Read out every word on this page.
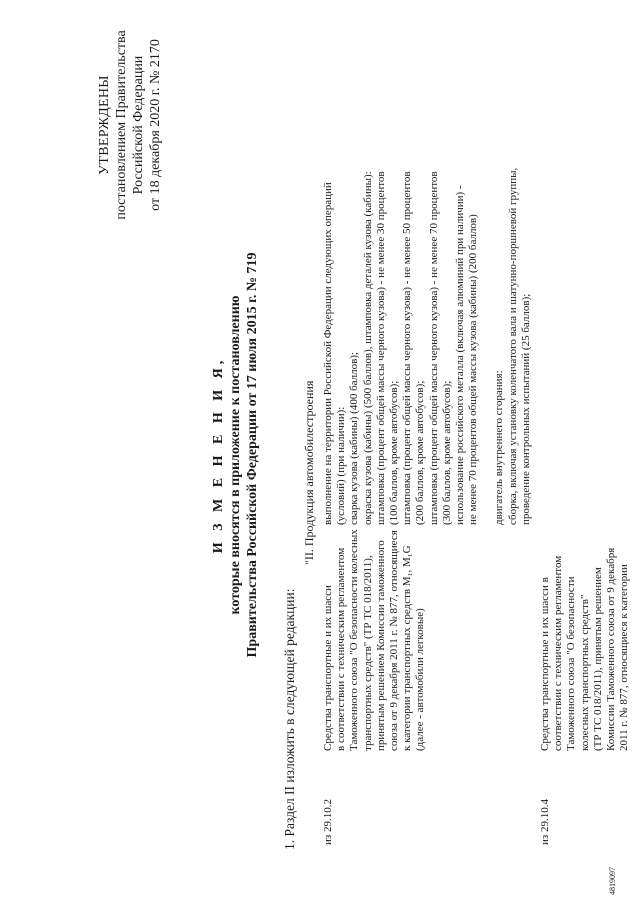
УТВЕРЖДЕНЫ постановлением Правительства Российской Федерации от 18 декабря 2020 г. № 2170
И З М Е Н Е Н И Я, которые вносятся в приложение к постановлению Правительства Российской Федерации от 17 июля 2015 г. № 719
1. Раздел II изложить в следующей редакции:
"II. Продукция автомобилестроения
из 29.10.2
Средства транспортные и их шасси в соответствии с техническим регламентом Таможенного союза "О безопасности колесных транспортных средств" (ТР ТС 018/2011), принятым решением Комиссии таможенного союза от 9 декабря 2011 г. № 877, относящиеся к категории транспортных средств M₁, M₁G (далее - автомобили легковые)
выполнение на территории Российской Федерации следующих операций (условий) (при наличии): сварка кузова (кабины) (400 баллов); окраска кузова (кабины) (500 баллов), штамповка деталей кузова (кабины): штамповка (процент общей массы черного кузова) - не менее 30 процентов (100 баллов, кроме автобусов); штамповка (процент общей массы черного кузова) - не менее 50 процентов (200 баллов, кроме автобусов); штамповка (процент общей массы черного кузова) - не менее 70 процентов (300 баллов, кроме автобусов); использование российского металла (включая алюминий при наличии) - не менее 70 процентов общей массы кузова (кабины) (200 баллов) двигатель внутреннего сгорания: сборка, включая установку коленчатого вала и шатунно-поршневой группы, проведение контрольных испытаний (25 баллов);
из 29.10.4
Средства транспортные и их шасси в соответствии с техническим регламентом Таможенного союза "О безопасности колесных транспортных средств" (ТР ТС 018/2011), принятым решением Комиссии Таможенного союза от 9 декабря 2011 г. № 877, относящиеся к категории
4819097
